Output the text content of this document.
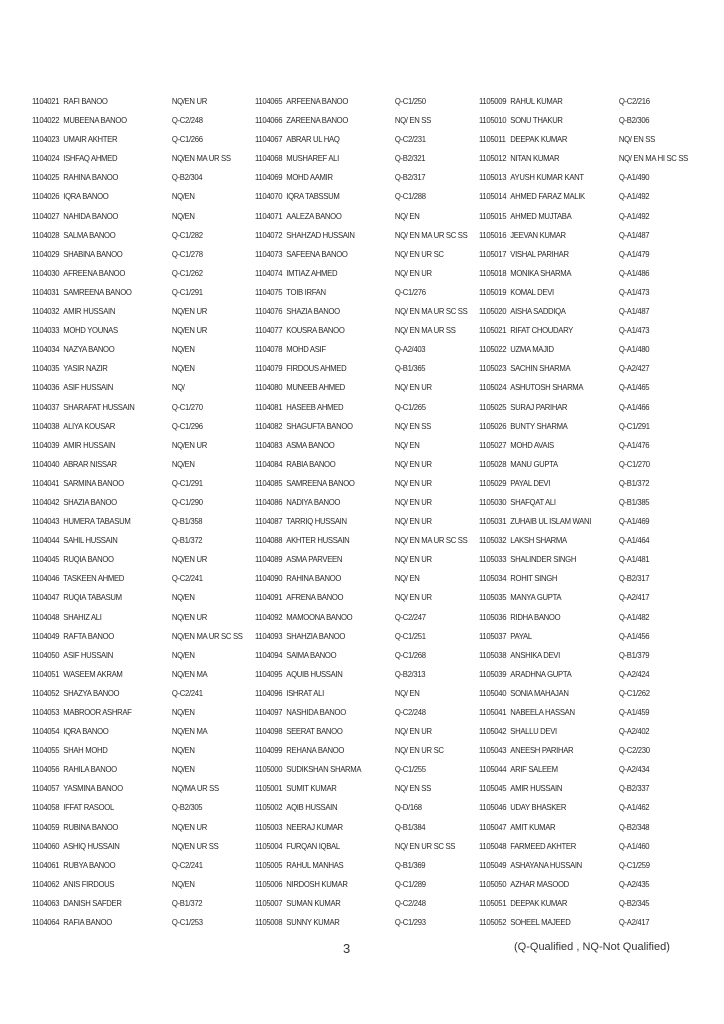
1104021 RAFI BANOO	NQ/EN UR
1104022 MUBEENA BANOO	Q-C2/248
1104023 UMAIR AKHTER	Q-C1/266
1104024 ISHFAQ AHMED	NQ/EN MA UR SS
1104025 RAHINA BANOO	Q-B2/304
1104026 IQRA BANOO	NQ/EN
1104027 NAHIDA BANOO	NQ/EN
1104028 SALMA BANOO	Q-C1/282
1104029 SHABINA BANOO	Q-C1/278
1104030 AFREENA BANOO	Q-C1/262
1104031 SAMREENA BANOO	Q-C1/291
1104032 AMIR HUSSAIN	NQ/EN UR
1104033 MOHD YOUNAS	NQ/EN UR
1104034 NAZYA BANOO	NQ/EN
1104035 YASIR NAZIR	NQ/EN
1104036 ASIF HUSSAIN	NQ/
1104037 SHARAFAT HUSSAIN	Q-C1/270
1104038 ALIYA KOUSAR	Q-C1/296
1104039 AMIR HUSSAIN	NQ/EN UR
1104040 ABRAR NISSAR	NQ/EN
1104041 SARMINA BANOO	Q-C1/291
1104042 SHAZIA BANOO	Q-C1/290
1104043 HUMERA TABASUM	Q-B1/358
1104044 SAHIL HUSSAIN	Q-B1/372
1104045 RUQIA BANOO	NQ/EN UR
1104046 TASKEEN AHMED	Q-C2/241
1104047 RUQIA TABASUM	NQ/EN
1104048 SHAHIZ ALI	NQ/EN UR
1104049 RAFTA BANOO	NQ/EN MA UR SC SS
1104050 ASIF HUSSAIN	NQ/EN
1104051 WASEEM AKRAM	NQ/EN MA
1104052 SHAZYA BANOO	Q-C2/241
1104053 MABROOR ASHRAF	NQ/EN
1104054 IQRA BANOO	NQ/EN MA
1104055 SHAH MOHD	NQ/EN
1104056 RAHILA BANOO	NQ/EN
1104057 YASMINA BANOO	NQ/MA UR SS
1104058 IFFAT RASOOL	Q-B2/305
1104059 RUBINA BANOO	NQ/EN UR
1104060 ASHIQ HUSSAIN	NQ/EN UR SS
1104061 RUBYA BANOO	Q-C2/241
1104062 ANIS FIRDOUS	NQ/EN
1104063 DANISH SAFDER	Q-B1/372
1104064 RAFIA BANOO	Q-C1/253
1104065 ARFEENA BANOO	Q-C1/250
1104066 ZAREENA BANOO	NQ/ EN SS
1104067 ABRAR UL HAQ	Q-C2/231
1104068 MUSHAREF ALI	Q-B2/321
1104069 MOHD AAMIR	Q-B2/317
1104070 IQRA TABSSUM	Q-C1/288
1104071 AALEZA BANOO	NQ/ EN
1104072 SHAHZAD HUSSAIN	NQ/ EN MA UR SC SS
1104073 SAFEENA BANOO	NQ/ EN UR SC
1104074 IMTIAZ AHMED	NQ/ EN UR
1104075 TOIB IRFAN	Q-C1/276
1104076 SHAZIA BANOO	NQ/ EN MA UR SC SS
1104077 KOUSRA BANOO	NQ/ EN MA UR SS
1104078 MOHD ASIF	Q-A2/403
1104079 FIRDOUS AHMED	Q-B1/365
1104080 MUNEEB AHMED	NQ/ EN UR
1104081 HASEEB AHMED	Q-C1/265
1104082 SHAGUFTA BANOO	NQ/ EN SS
1104083 ASMA BANOO	NQ/ EN
1104084 RABIA BANOO	NQ/ EN UR
1104085 SAMREENA BANOO	NQ/ EN UR
1104086 NADIYA BANOO	NQ/ EN UR
1104087 TARRIQ HUSSAIN	NQ/ EN UR
1104088 AKHTER HUSSAIN	NQ/ EN MA UR SC SS
1104089 ASMA PARVEEN	NQ/ EN UR
1104090 RAHINA BANOO	NQ/ EN
1104091 AFRENA BANOO	NQ/ EN UR
1104092 MAMOONA BANOO	Q-C2/247
1104093 SHAHZIA BANOO	Q-C1/251
1104094 SAIMA BANOO	Q-C1/268
1104095 AQUIB HUSSAIN	Q-B2/313
1104096 ISHRAT ALI	NQ/ EN
1104097 NASHIDA BANOO	Q-C2/248
1104098 SEERAT BANOO	NQ/ EN UR
1104099 REHANA BANOO	NQ/ EN UR SC
1105000 SUDIKSHAN SHARMA	Q-C1/255
1105001 SUMIT KUMAR	NQ/ EN SS
1105002 AQIB HUSSAIN	Q-D/168
1105003 NEERAJ KUMAR	Q-B1/384
1105004 FURQAN IQBAL	NQ/ EN UR SC SS
1105005 RAHUL MANHAS	Q-B1/369
1105006 NIRDOSH KUMAR	Q-C1/289
1105007 SUMAN KUMAR	Q-C2/248
1105008 SUNNY KUMAR	Q-C1/293
1105009 RAHUL KUMAR	Q-C2/216
1105010 SONU THAKUR	Q-B2/306
1105011 DEEPAK KUMAR	NQ/ EN SS
1105012 NITAN KUMAR	NQ/ EN MA HI SC SS
1105013 AYUSH KUMAR KANT	Q-A1/490
1105014 AHMED FARAZ MALIK	Q-A1/492
1105015 AHMED MUJTABA	Q-A1/492
1105016 JEEVAN KUMAR	Q-A1/487
1105017 VISHAL PARIHAR	Q-A1/479
1105018 MONIKA SHARMA	Q-A1/486
1105019 KOMAL DEVI	Q-A1/473
1105020 AISHA SADDIQA	Q-A1/487
1105021 RIFAT CHOUDARY	Q-A1/473
1105022 UZMA MAJID	Q-A1/480
1105023 SACHIN SHARMA	Q-A2/427
1105024 ASHUTOSH SHARMA	Q-A1/465
1105025 SURAJ PARIHAR	Q-A1/466
1105026 BUNTY SHARMA	Q-C1/291
1105027 MOHD AVAIS	Q-A1/476
1105028 MANU GUPTA	Q-C1/270
1105029 PAYAL DEVI	Q-B1/372
1105030 SHAFQAT ALI	Q-B1/385
1105031 ZUHAIB UL ISLAM WANI	Q-A1/469
1105032 LAKSH SHARMA	Q-A1/464
1105033 SHALINDER SINGH	Q-A1/481
1105034 ROHIT SINGH	Q-B2/317
1105035 MANYA GUPTA	Q-A2/417
1105036 RIDHA BANOO	Q-A1/482
1105037 PAYAL	Q-A1/456
1105038 ANSHIKA DEVI	Q-B1/379
1105039 ARADHNA GUPTA	Q-A2/424
1105040 SONIA MAHAJAN	Q-C1/262
1105041 NABEELA HASSAN	Q-A1/459
1105042 SHALLU DEVI	Q-A2/402
1105043 ANEESH PARIHAR	Q-C2/230
1105044 ARIF SALEEM	Q-A2/434
1105045 AMIR HUSSAIN	Q-B2/337
1105046 UDAY BHASKER	Q-A1/462
1105047 AMIT KUMAR	Q-B2/348
1105048 FARMEED AKHTER	Q-A1/460
1105049 ASHAYANA HUSSAIN	Q-C1/259
1105050 AZHAR MASOOD	Q-A2/435
1105051 DEEPAK KUMAR	Q-B2/345
1105052 SOHEEL MAJEED	Q-A2/417
3	(Q-Qualified , NQ-Not Qualified)
